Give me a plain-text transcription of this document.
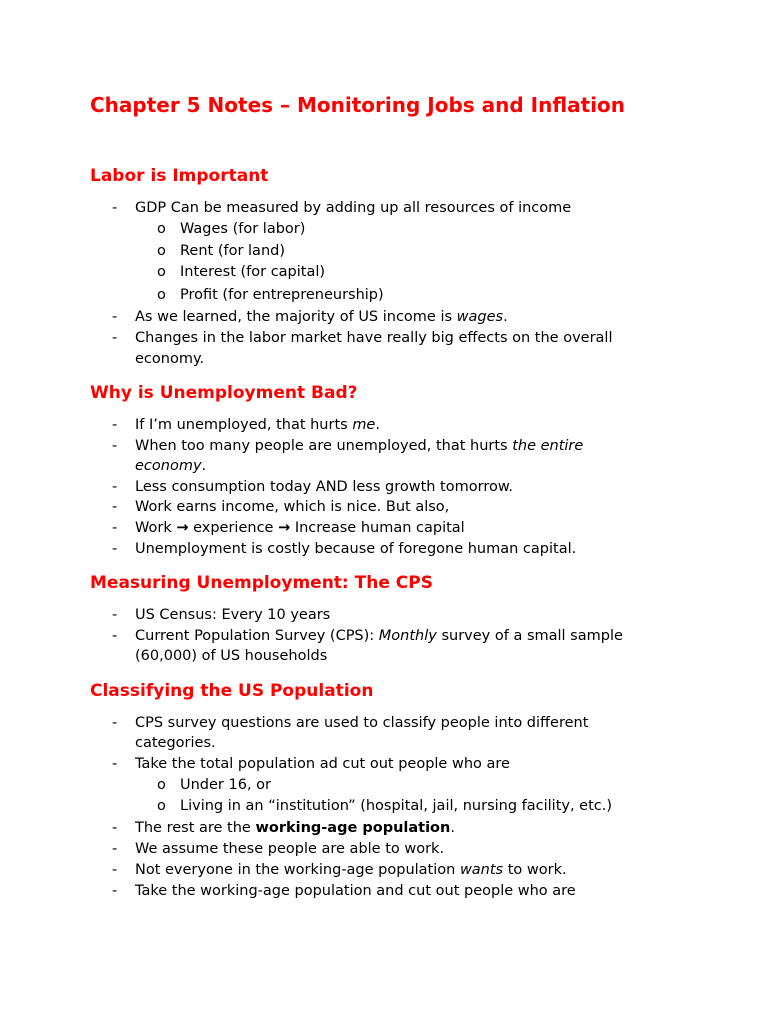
Chapter 5 Notes – Monitoring Jobs and Inflation
Labor is Important
- GDP Can be measured by adding up all resources of income
o Wages (for labor)
o Rent (for land)
o Interest (for capital)
o Profit (for entrepreneurship)
- As we learned, the majority of US income is wages.
- Changes in the labor market have really big effects on the overall
economy.
Why is Unemployment Bad?
- If I’m unemployed, that hurts me.
- When too many people are unemployed, that hurts the entire
economy.
- Less consumption today AND less growth tomorrow.
- Work earns income, which is nice. But also,
- Work → experience → Increase human capital
- Unemployment is costly because of foregone human capital.
Measuring Unemployment: The CPS
- US Census: Every 10 years
- Current Population Survey (CPS): Monthly survey of a small sample
(60,000) of US households
Classifying the US Population
- CPS survey questions are used to classify people into different
categories.
- Take the total population ad cut out people who are
o Under 16, or
o Living in an “institution” (hospital, jail, nursing facility, etc.)
- The rest are the working-age population.
- We assume these people are able to work.
- Not everyone in the working-age population wants to work.
- Take the working-age population and cut out people who are
